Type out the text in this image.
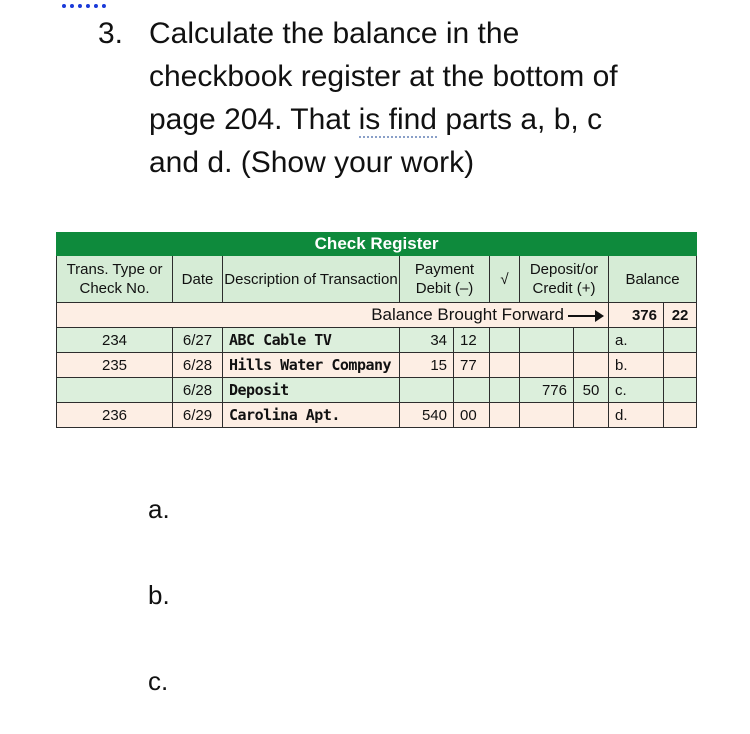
3. Calculate the balance in the
checkbook register at the bottom of
page 204. That is find parts a, b, c
and d. (Show your work)
Check Register									
Trans. Type or Check No.	Date	Description of Transaction	Payment Debit (–)		√	Deposit/or Credit (+)		Balance	
Balance Brought Forward								376	22
234	6/27	ABC Cable TV	34	12				a.	
235	6/28	Hills Water Company	15	77				b.	
	6/28	Deposit				776	50	c.	
236	6/29	Carolina Apt.	540	00				d.	
a.
b.
c.
